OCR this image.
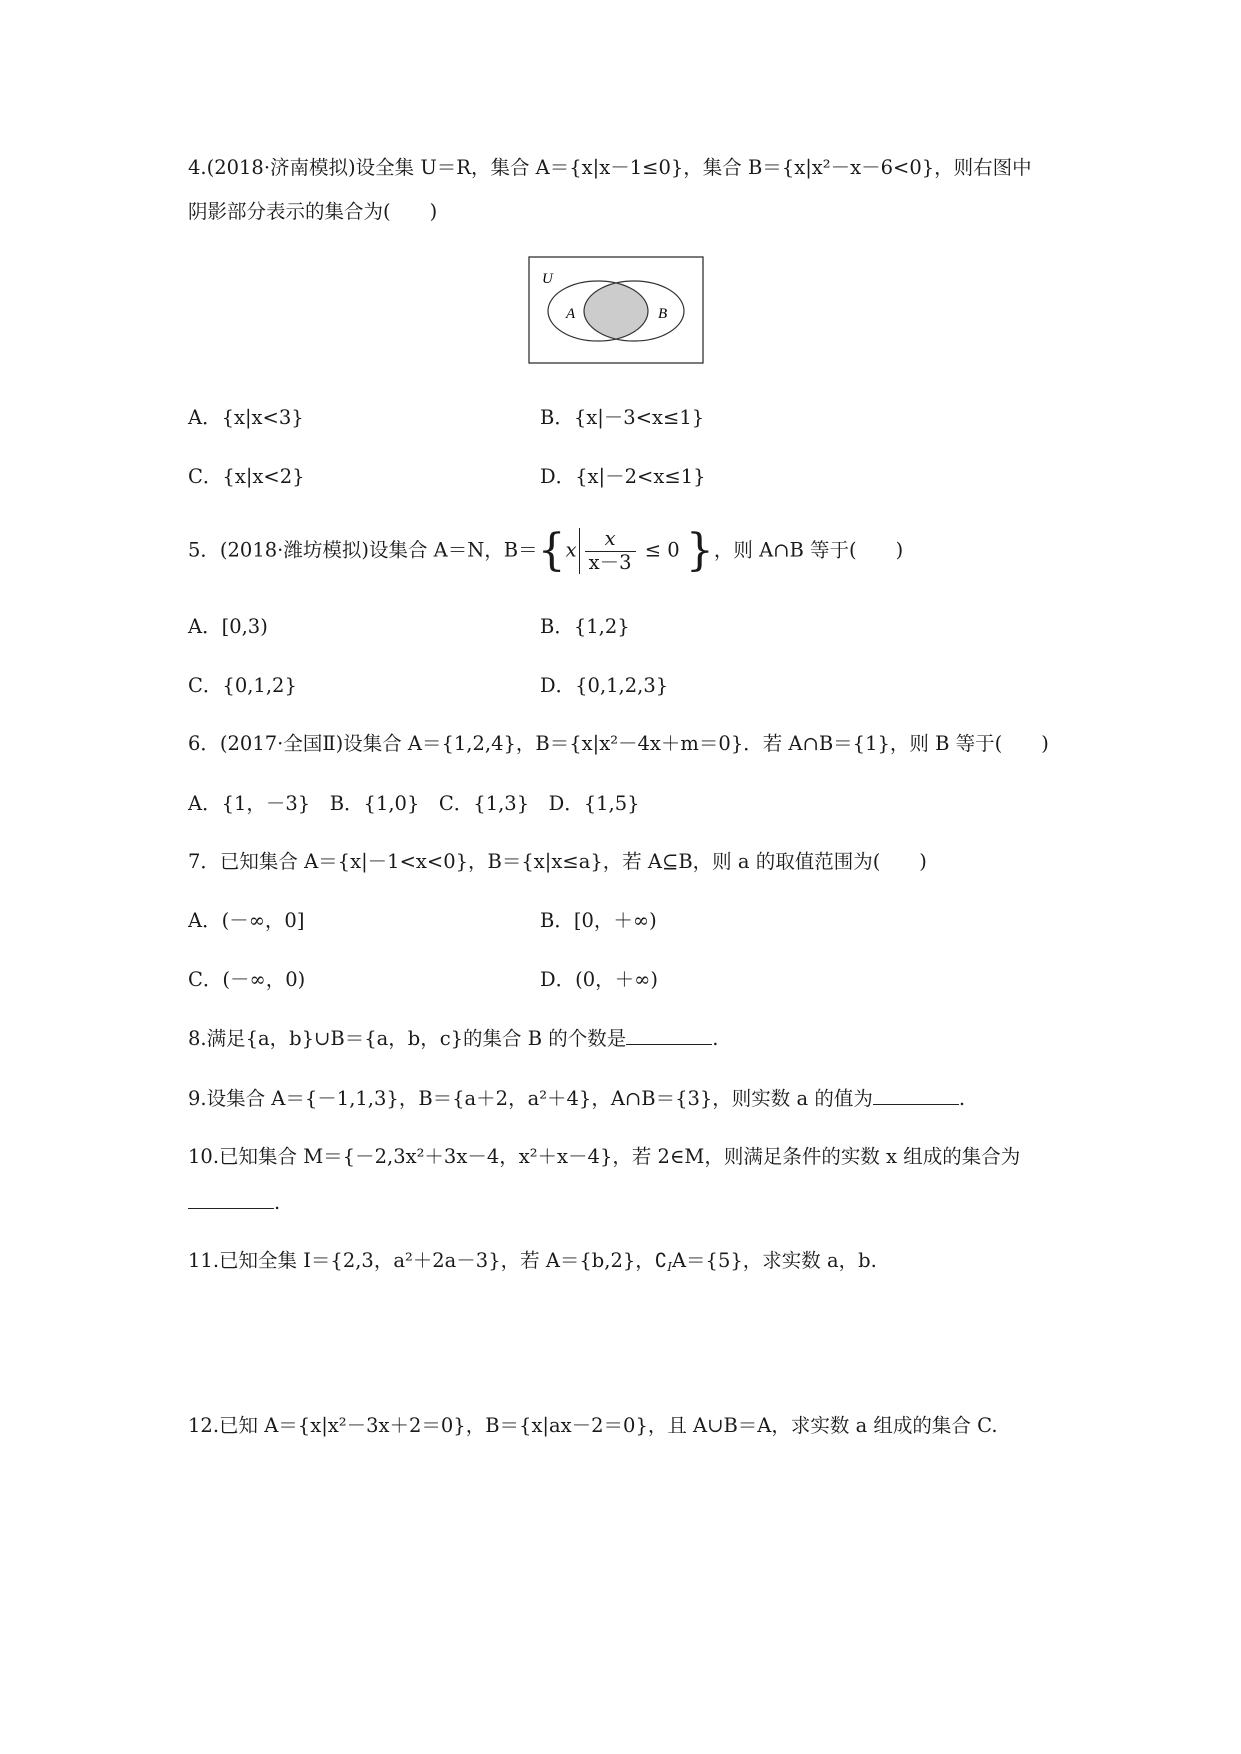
4.(2018·济南模拟)设全集 U＝R，集合 A＝{x|x－1≤0}，集合 B＝{x|x²－x－6<0}，则右图中
阴影部分表示的集合为(　　)
U
A	B
A．{x|x<3}	B．{x|－3<x≤1}
C．{x|x<2}	D．{x|－2<x≤1}
5．(2018·潍坊模拟)设集合 A＝N，$B=\{x \frac{x}{x-3} \le 0$ }，则 A∩B 等于(　　)
A．[0,3)	B．{1,2}
C．{0,1,2}	D．{0,1,2,3}
6．(2017·全国Ⅱ)设集合 A＝{1,2,4}，B＝{x|x²－4x＋m＝0}．若 A∩B＝{1}，则 B 等于(　　)
A．{1，－3}　B．{1,0}　C．{1,3}　D．{1,5}
7．已知集合 A＝{x|－1<x<0}，B＝{x|x≤a}，若 A⊆B，则 a 的取值范围为(　　)
A．(－∞，0]	B．[0，＋∞)
C．(－∞，0)	D．(0，＋∞)
8.满足{a，b}∪B＝{a，b，c}的集合 B 的个数是	.
9.设集合 A＝{－1,1,3}，B＝{a＋2，a²＋4}，A∩B＝{3}，则实数 a 的值为	.
10.已知集合 M＝{－2,3x²＋3x－4，x²＋x－4}，若 2∈M，则满足条件的实数 x 组成的集合为
.
11.已知全集 I＝{2,3，a²＋2a－3}，若 A＝{b,2}，$∁_IA=\{5\}$，求实数 a，b.
12.已知 A＝{x|x²－3x＋2＝0}，B＝{x|ax－2＝0}，且 A∪B＝A，求实数 a 组成的集合 C.
